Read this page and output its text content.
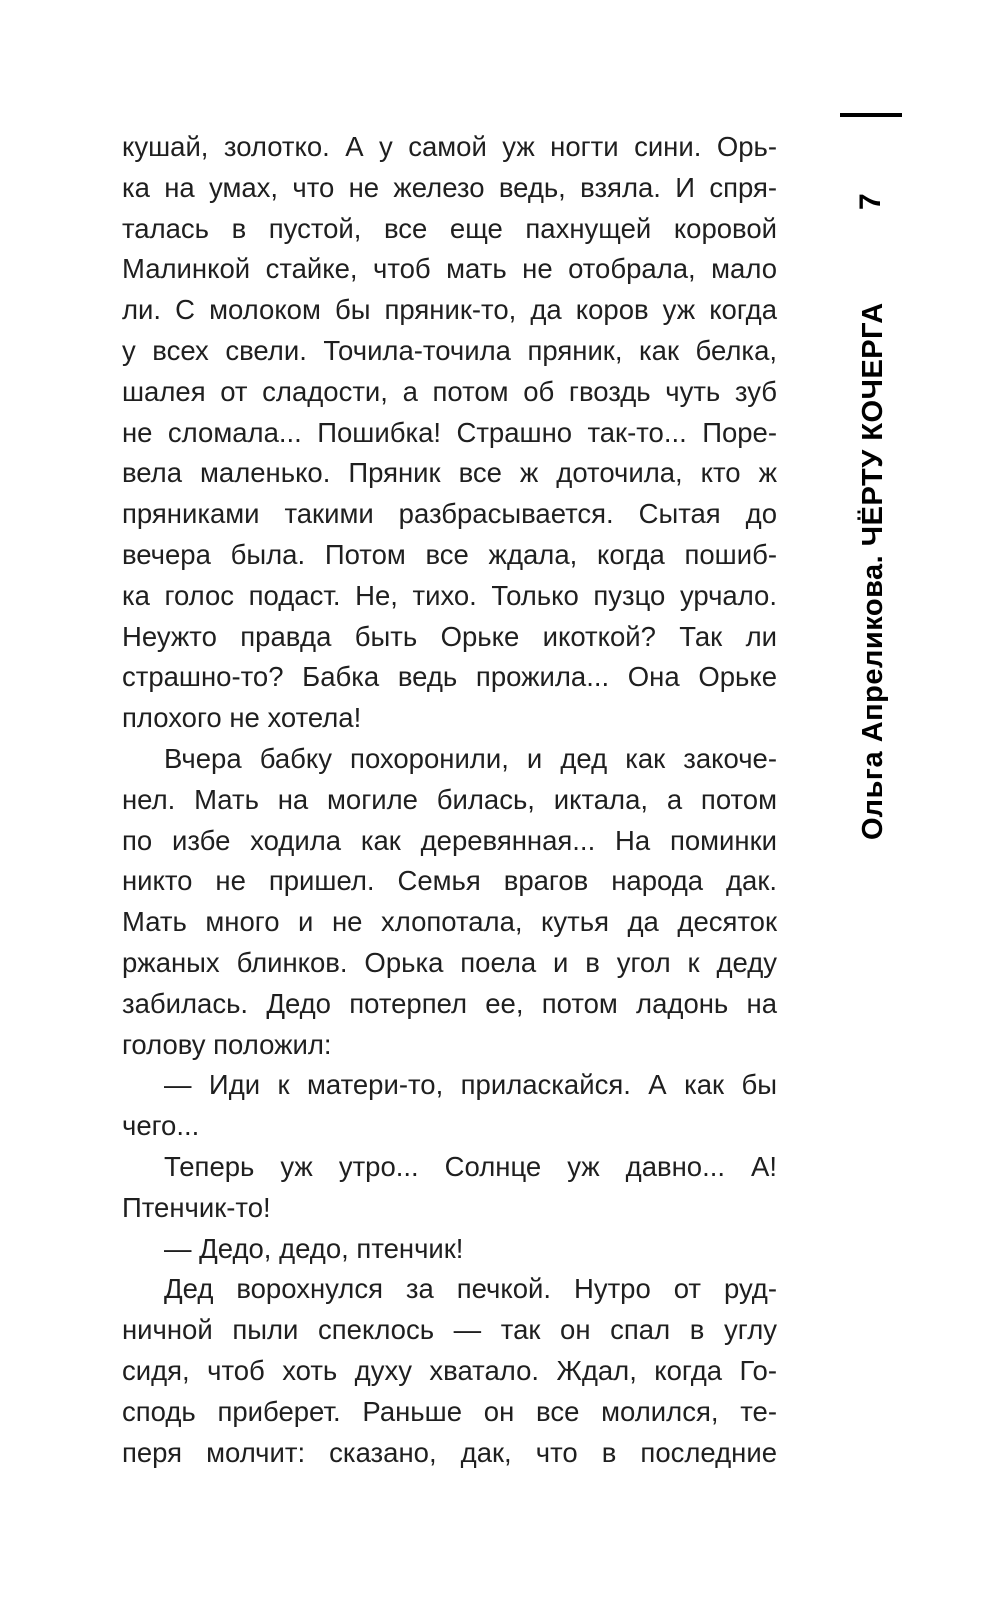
кушай, золотко. А у самой уж ногти сини. Орь-
ка на умах, что не железо ведь, взяла. И спря-
талась в пустой, все еще пахнущей коровой
Малинкой стайке, чтоб мать не отобрала, мало
ли. С молоком бы пряник-то, да коров уж когда
у всех свели. Точила-точила пряник, как белка,
шалея от сладости, а потом об гвоздь чуть зуб
не сломала... Пошибка! Страшно так-то... Поре-
вела маленько. Пряник все ж доточила, кто ж
пряниками такими разбрасывается. Сытая до
вечера была. Потом все ждала, когда пошиб-
ка голос подаст. Не, тихо. Только пузцо урчало.
Неужто правда быть Орьке икоткой? Так ли
страшно-то? Бабка ведь прожила... Она Орьке
плохого не хотела!
Вчера бабку похоронили, и дед как закоче-
нел. Мать на могиле билась, иктала, а потом
по избе ходила как деревянная... На поминки
никто не пришел. Семья врагов народа дак.
Мать много и не хлопотала, кутья да десяток
ржаных блинков. Орька поела и в угол к деду
забилась. Дедо потерпел ее, потом ладонь на
голову положил:
— Иди к матери-то, приласкайся. А как бы
чего...
Теперь уж утро... Солнце уж давно... А!
Птенчик-то!
— Дедо, дедо, птенчик!
Дед ворохнулся за печкой. Нутро от руд-
ничной пыли спеклось — так он спал в углу
сидя, чтоб хоть духу хватало. Ждал, когда Го-
сподь приберет. Раньше он все молился, те-
перя молчит: сказано, дак, что в последние
7
Ольга Апреликова. ЧЁРТУ КОЧЕРГА
